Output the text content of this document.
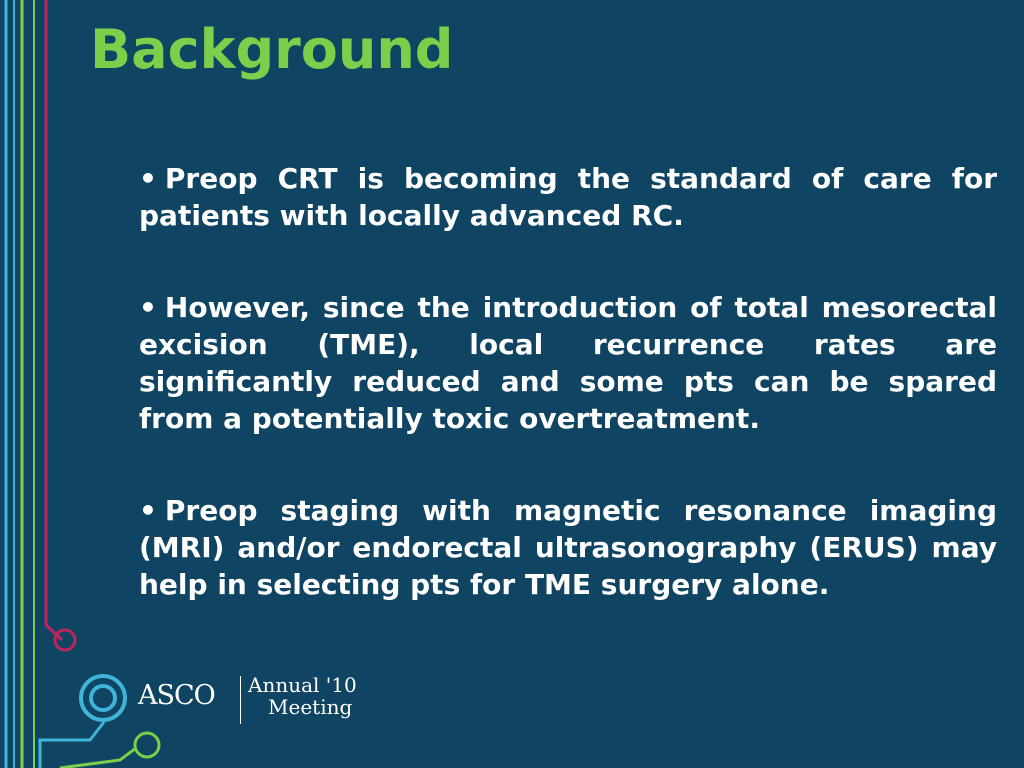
Background
• Preop CRT is becoming the standard of care for patients with locally advanced RC.
• However, since the introduction of total mesorectal excision (TME), local recurrence rates are significantly reduced and some pts can be spared from a potentially toxic overtreatment.
• Preop staging with magnetic resonance imaging (MRI) and/or endorectal ultrasonography (ERUS) may help in selecting pts for TME surgery alone.
ASCO Annual '10
Meeting
